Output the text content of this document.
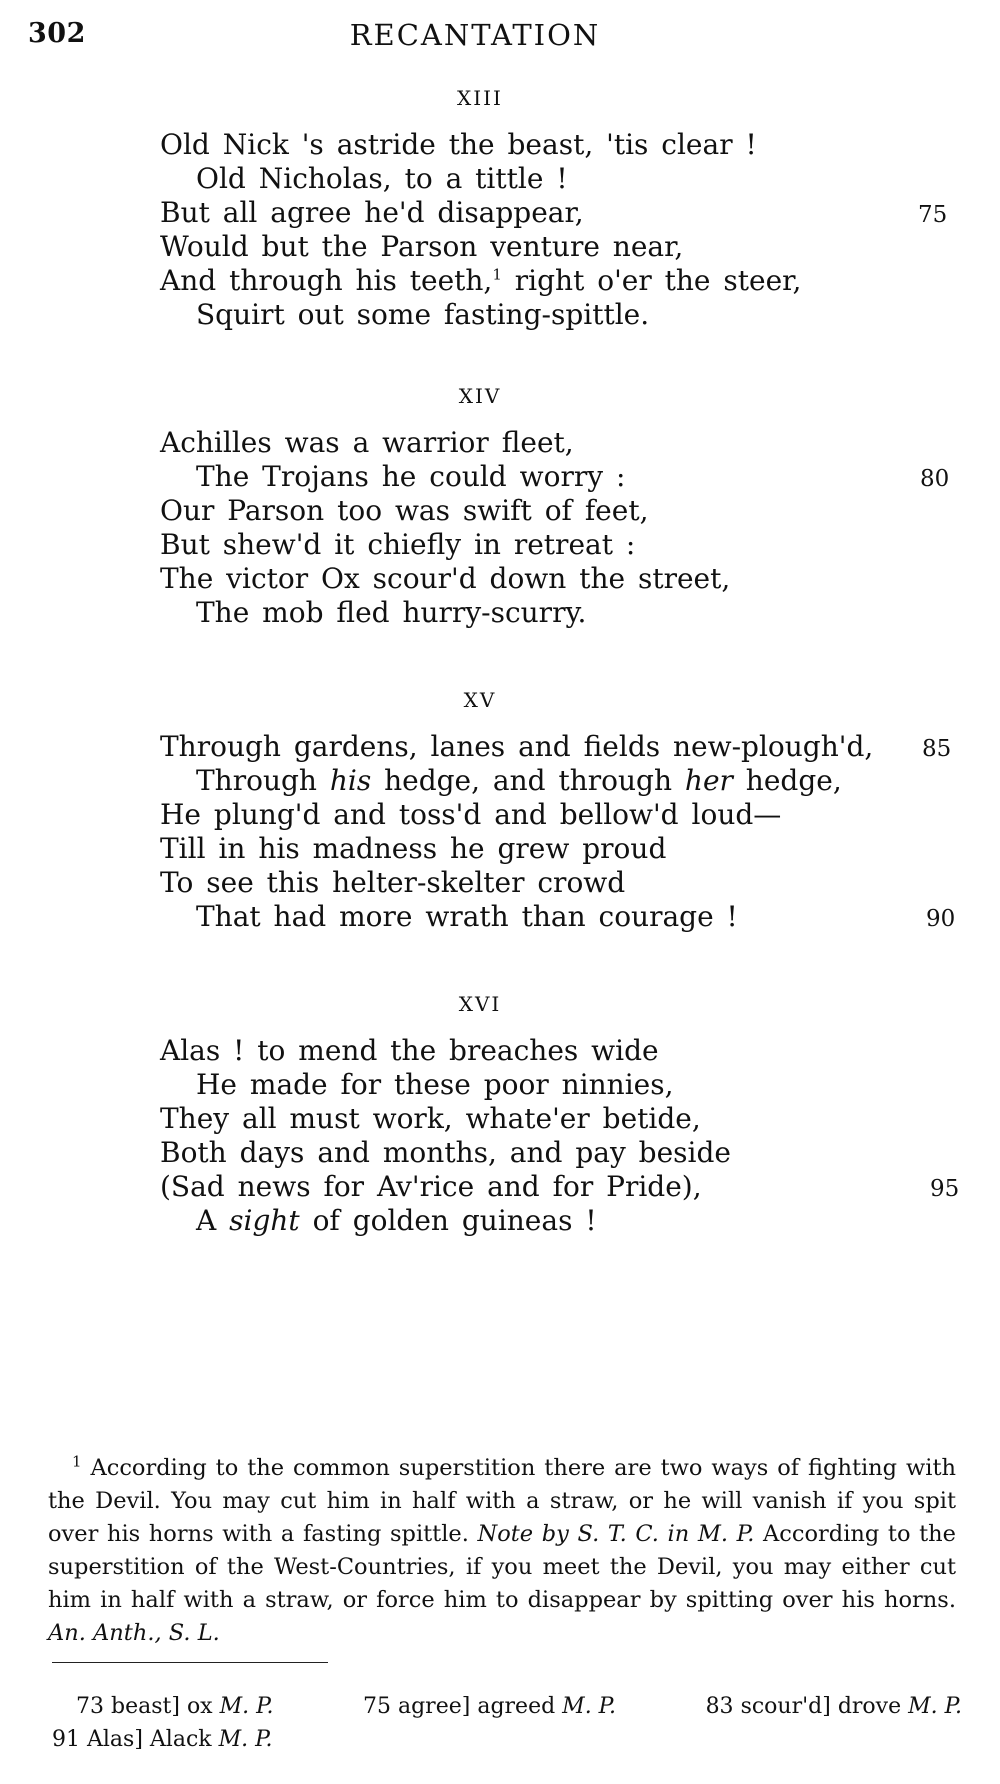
302	RECANTATION
XIII
Old Nick 's astride the beast, 'tis clear !
Old Nicholas, to a tittle !
But all agree he'd disappear,	75
Would but the Parson venture near,
And through his teeth,$^1$ right o'er the steer,
Squirt out some fasting-spittle.
XIV
Achilles was a warrior fleet,
The Trojans he could worry :	80
Our Parson too was swift of feet,
But shew'd it chiefly in retreat :
The victor Ox scour'd down the street,
The mob fled hurry-scurry.
XV
Through gardens, lanes and fields new-plough'd, 85
Through his hedge, and through her hedge,
He plung'd and toss'd and bellow'd loud—
Till in his madness he grew proud
To see this helter-skelter crowd
That had more wrath than courage !	90
XVI
Alas ! to mend the breaches wide
He made for these poor ninnies,
They all must work, whate'er betide,
Both days and months, and pay beside
(Sad news for Av'rice and for Pride),	95
A sight of golden guineas !
$^1$ According to the common superstition there are two ways of fighting with the Devil. You may cut him in half with a straw, or he will vanish if you spit over his horns with a fasting spittle. Note by S. T. C. in M. P. According to the superstition of the West-Countries, if you meet the Devil, you may either cut him in half with a straw, or force him to disappear by spitting over his horns. An. Anth., S. L.
73 beast] ox M. P.	75 agree] agreed M. P.	83 scour'd] drove M. P.
91 Alas] Alack M. P.
